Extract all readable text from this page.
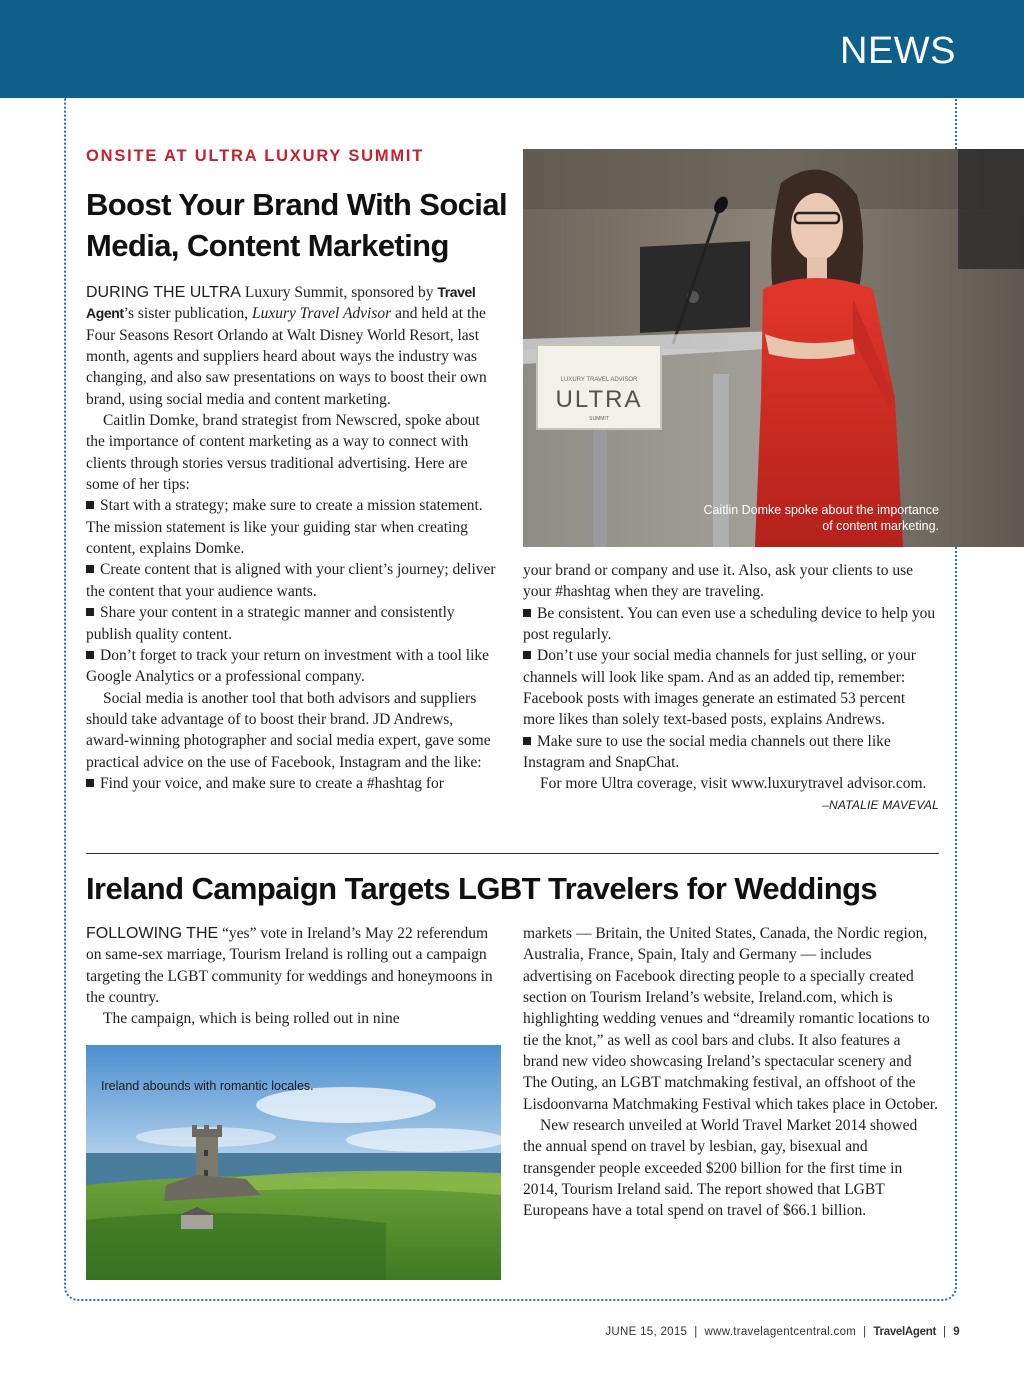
NEWS
ONSITE AT ULTRA LUXURY SUMMIT
Boost Your Brand With Social Media, Content Marketing

DURING THE ULTRA Luxury Summit, sponsored by Travel Agent’s sister publication, Luxury Travel Advisor and held at the Four Seasons Resort Orlando at Walt Disney World Resort, last month, agents and suppliers heard about ways the industry was changing, and also saw presentations on ways to boost their own brand, using social media and content marketing.

Caitlin Domke, brand strategist from Newscred, spoke about the importance of content marketing as a way to connect with clients through stories versus traditional advertising. Here are some of her tips:

Start with a strategy; make sure to create a mission statement. The mission statement is like your guiding star when creating content, explains Domke.

Create content that is aligned with your client’s journey; deliver the content that your audience wants.

Share your content in a strategic manner and consistently publish quality content.

Don’t forget to track your return on investment with a tool like Google Analytics or a professional company.

Social media is another tool that both advisors and suppliers should take advantage of to boost their brand. JD Andrews, award-winning photographer and social media expert, gave some practical advice on the use of Facebook, Instagram and the like:

Find your voice, and make sure to create a #hashtag for

LUXURY TRAVEL ADVISOR
ULTRA
SUMMIT
Caitlin Domke spoke about the importance of content marketing.

your brand or company and use it. Also, ask your clients to use your #hashtag when they are traveling.

Be consistent. You can even use a scheduling device to help you post regularly.

Don’t use your social media channels for just selling, or your channels will look like spam. And as an added tip, remember: Facebook posts with images generate an estimated 53 percent more likes than solely text-based posts, explains Andrews.

Make sure to use the social media channels out there like Instagram and SnapChat.

For more Ultra coverage, visit www.luxurytravel advisor.com.
–NATALIE MAVEVAL

Ireland Campaign Targets LGBT Travelers for Weddings

FOLLOWING THE “yes” vote in Ireland’s May 22 referendum on same-sex marriage, Tourism Ireland is rolling out a campaign targeting the LGBT community for weddings and honeymoons in the country.

The campaign, which is being rolled out in nine

Ireland abounds with romantic locales.

markets — Britain, the United States, Canada, the Nordic region, Australia, France, Spain, Italy and Germany — includes advertising on Facebook directing people to a specially created section on Tourism Ireland’s website, Ireland.com, which is highlighting wedding venues and “dreamily romantic locations to tie the knot,” as well as cool bars and clubs. It also features a brand new video showcasing Ireland’s spectacular scenery and The Outing, an LGBT matchmaking festival, an offshoot of the Lisdoonvarna Matchmaking Festival which takes place in October.

New research unveiled at World Travel Market 2014 showed the annual spend on travel by lesbian, gay, bisexual and transgender people exceeded $200 billion for the first time in 2014, Tourism Ireland said. The report showed that LGBT Europeans have a total spend on travel of $66.1 billion.

JUNE 15, 2015 | www.travelagentcentral.com | TravelAgent | 9
